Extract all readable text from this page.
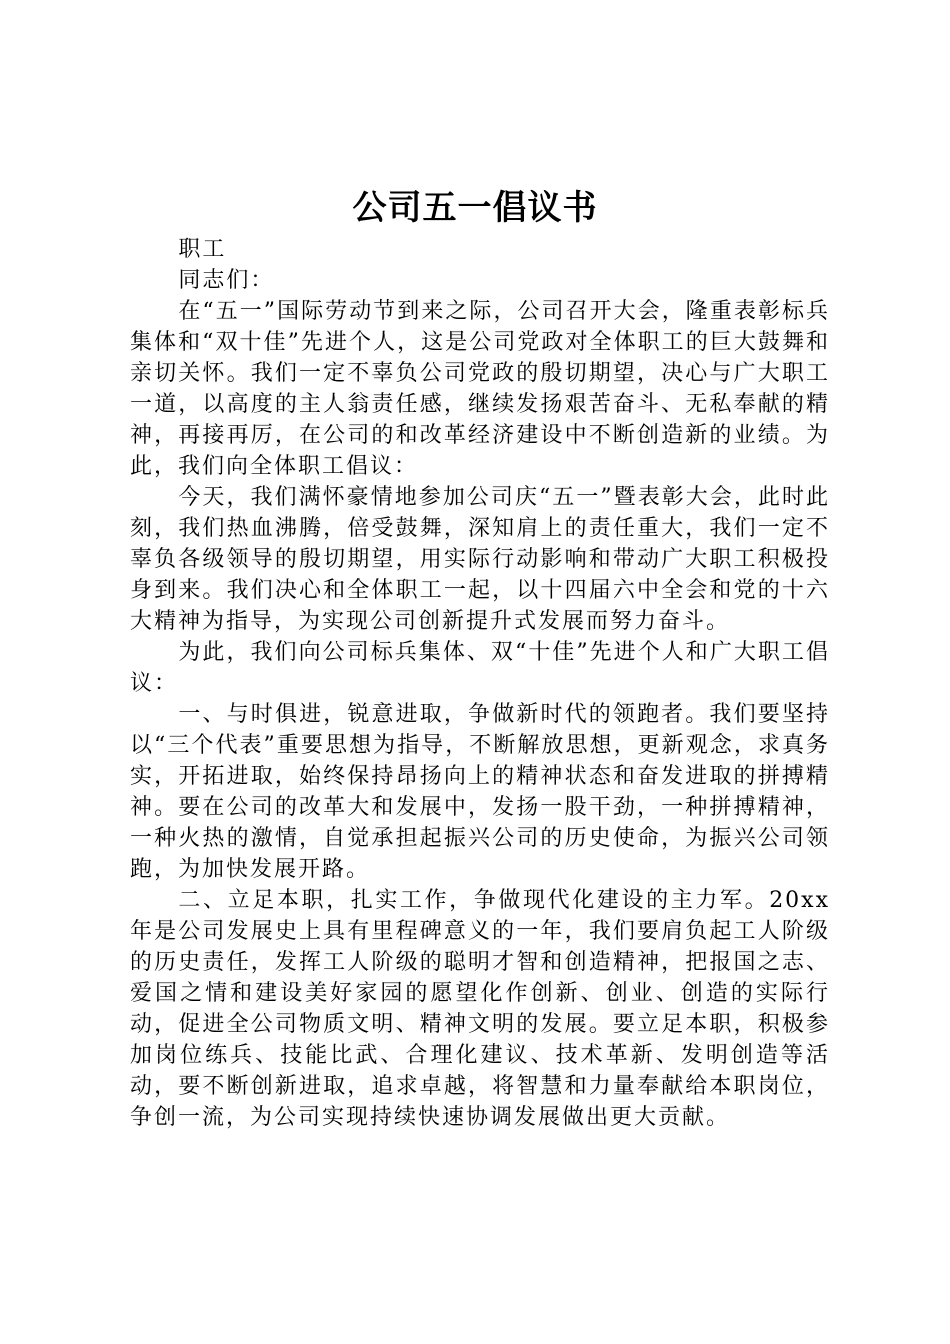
公司五一倡议书

职工

同志们：

在“五一”国际劳动节到来之际，公司召开大会，隆重表彰标兵集体和“双十佳”先进个人，这是公司党政对全体职工的巨大鼓舞和亲切关怀。我们一定不辜负公司党政的殷切期望，决心与广大职工一道，以高度的主人翁责任感，继续发扬艰苦奋斗、无私奉献的精神，再接再厉，在公司的和改革经济建设中不断创造新的业绩。为此，我们向全体职工倡议：

今天，我们满怀豪情地参加公司庆“五一”暨表彰大会，此时此刻，我们热血沸腾，倍受鼓舞，深知肩上的责任重大，我们一定不辜负各级领导的殷切期望，用实际行动影响和带动广大职工积极投身到来。我们决心和全体职工一起，以十四届六中全会和党的十六大精神为指导，为实现公司创新提升式发展而努力奋斗。

为此，我们向公司标兵集体、双“十佳”先进个人和广大职工倡议：

一、与时俱进，锐意进取，争做新时代的领跑者。我们要坚持以“三个代表”重要思想为指导，不断解放思想，更新观念，求真务实，开拓进取，始终保持昂扬向上的精神状态和奋发进取的拼搏精神。要在公司的改革大和发展中，发扬一股干劲，一种拼搏精神，一种火热的激情，自觉承担起振兴公司的历史使命，为振兴公司领跑，为加快发展开路。

二、立足本职，扎实工作，争做现代化建设的主力军。20xx年是公司发展史上具有里程碑意义的一年，我们要肩负起工人阶级的历史责任，发挥工人阶级的聪明才智和创造精神，把报国之志、爱国之情和建设美好家园的愿望化作创新、创业、创造的实际行动，促进全公司物质文明、精神文明的发展。要立足本职，积极参加岗位练兵、技能比武、合理化建议、技术革新、发明创造等活动，要不断创新进取，追求卓越，将智慧和力量奉献给本职岗位，争创一流，为公司实现持续快速协调发展做出更大贡献。
